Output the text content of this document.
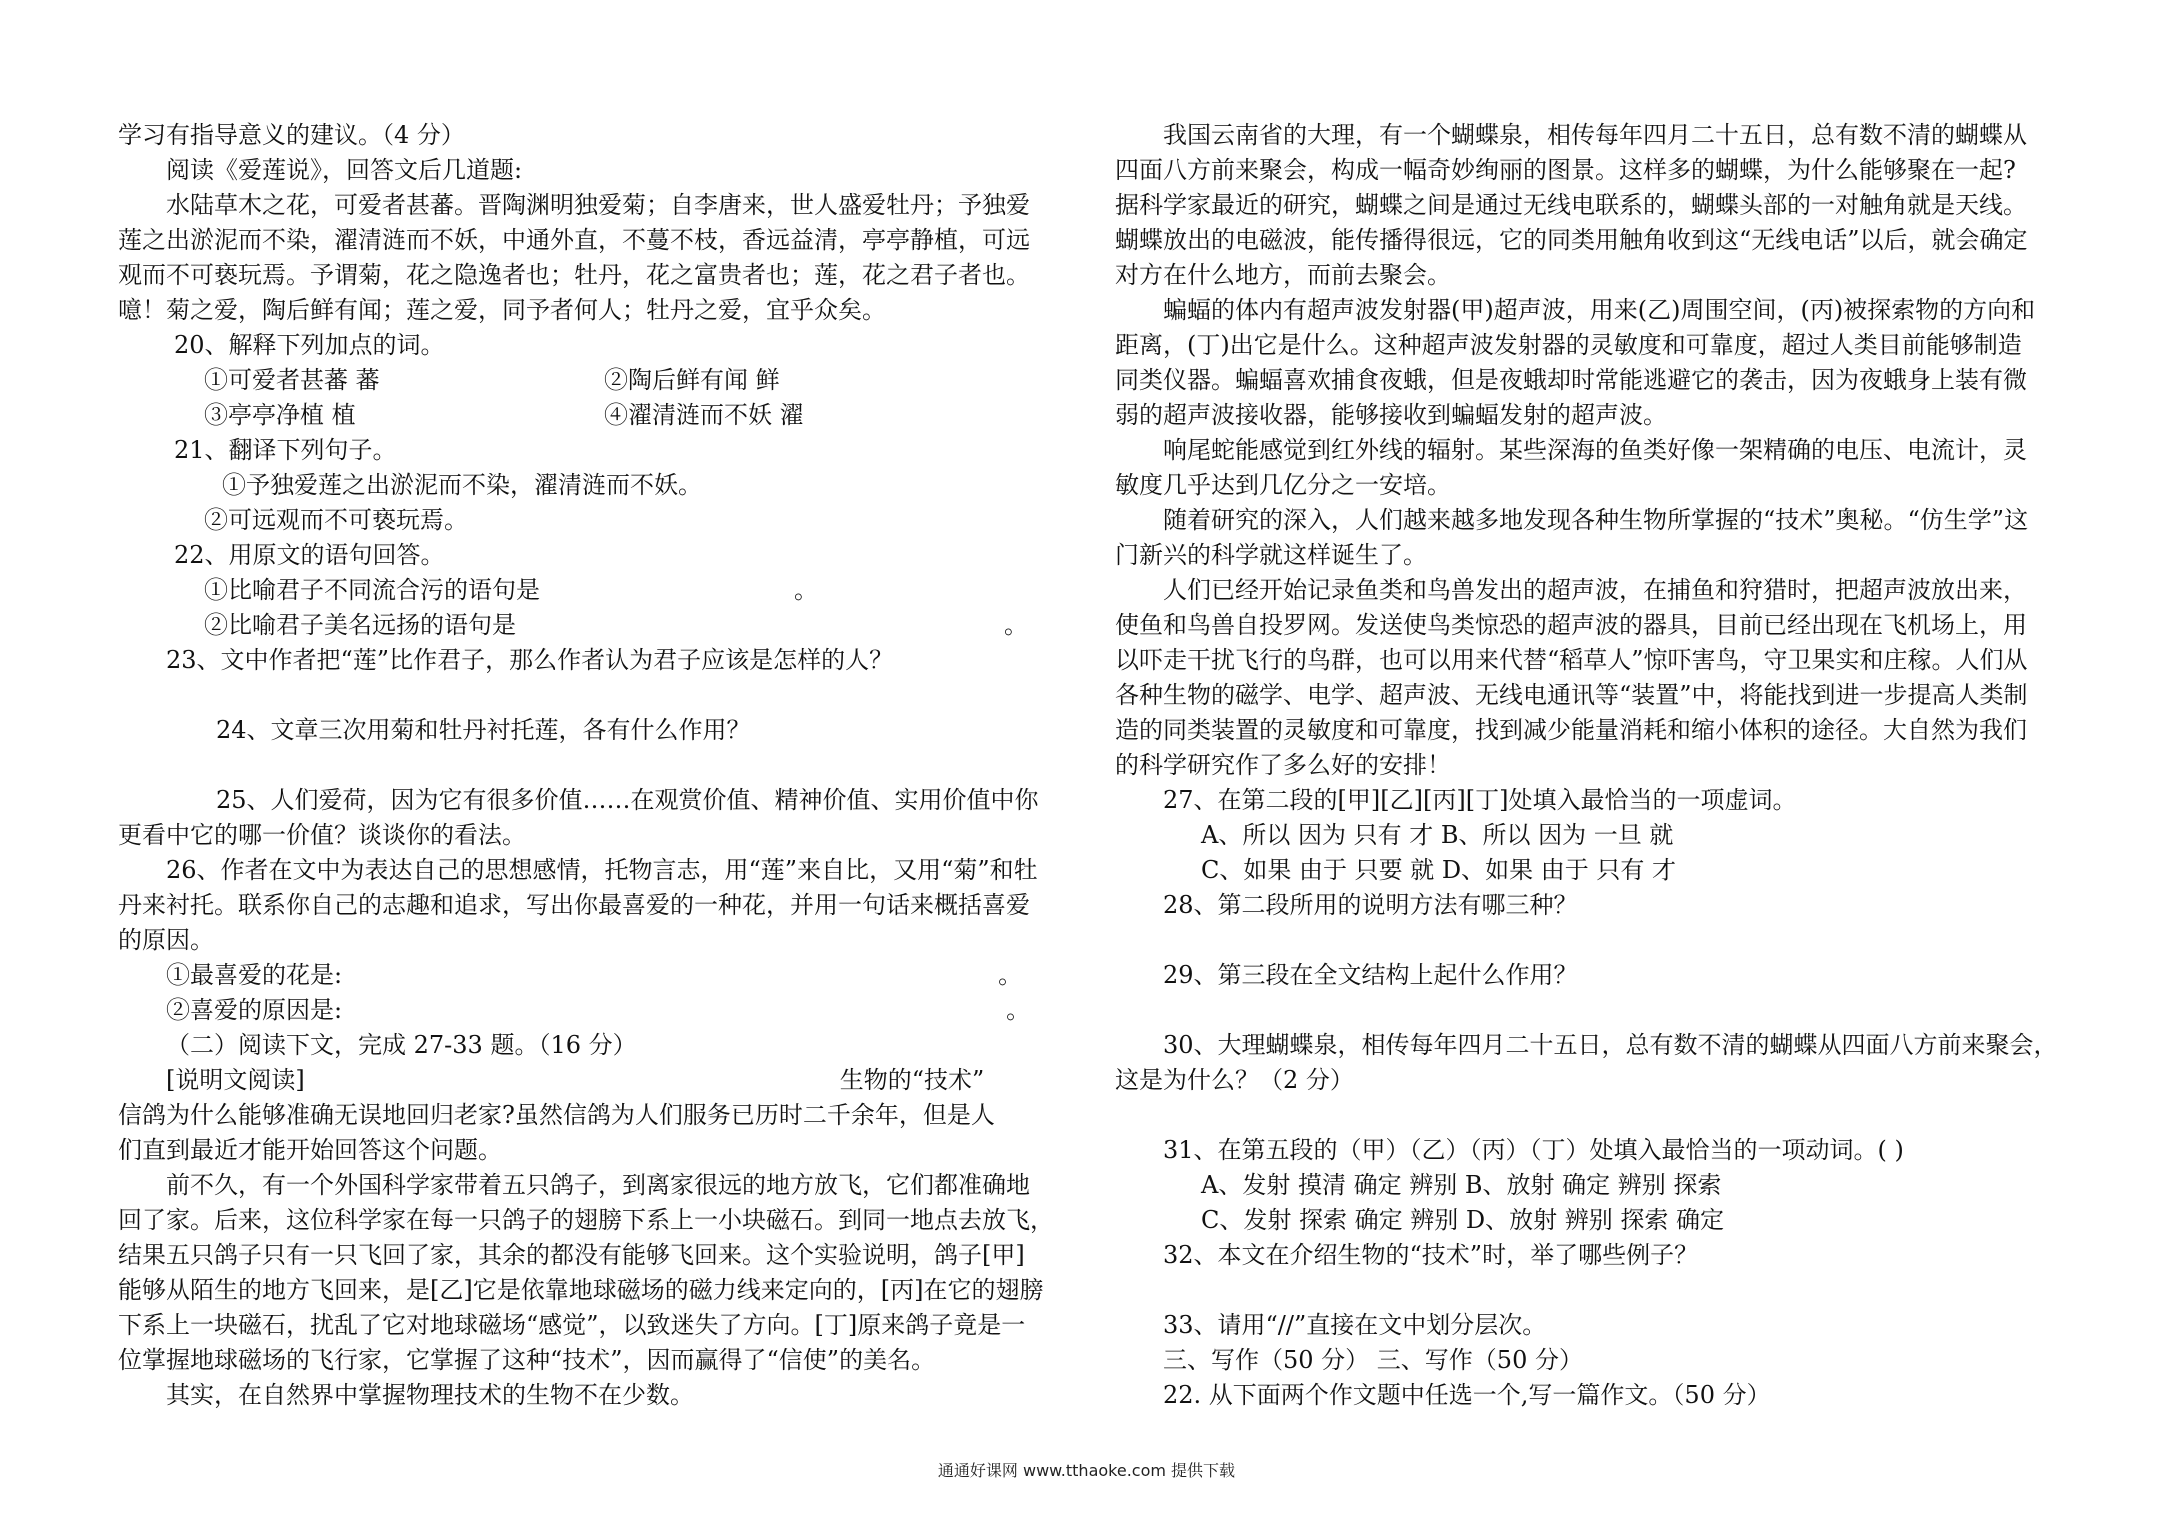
学习有指导意义的建议。（4 分）
阅读《爱莲说》，回答文后几道题:
水陆草木之花，可爱者甚蕃。晋陶渊明独爱菊；自李唐来，世人盛爱牡丹；予独爱
莲之出淤泥而不染，濯清涟而不妖，中通外直，不蔓不枝，香远益清，亭亭静植，可远
观而不可亵玩焉。予谓菊，花之隐逸者也；牡丹，花之富贵者也；莲，花之君子者也。
噫！菊之爱，陶后鲜有闻；莲之爱，同予者何人；牡丹之爱，宜乎众矣。
20、解释下列加点的词。
①可爱者甚蕃 蕃	②陶后鲜有闻 鲜
③亭亭净植 植	④濯清涟而不妖 濯
21、翻译下列句子。
①予独爱莲之出淤泥而不染，濯清涟而不妖。
②可远观而不可亵玩焉。
22、用原文的语句回答。
①比喻君子不同流合污的语句是	。
②比喻君子美名远扬的语句是	。
23、文中作者把“莲”比作君子，那么作者认为君子应该是怎样的人？
24、文章三次用菊和牡丹衬托莲，各有什么作用？
25、人们爱荷，因为它有很多价值……在观赏价值、精神价值、实用价值中你
更看中它的哪一价值？谈谈你的看法。
26、作者在文中为表达自己的思想感情，托物言志，用“莲”来自比，又用“菊”和牡
丹来衬托。联系你自己的志趣和追求，写出你最喜爱的一种花，并用一句话来概括喜爱
的原因。
①最喜爱的花是:	。
②喜爱的原因是:	。
（二）阅读下文，完成 27-33 题。（16 分）
[说明文阅读]	生物的“技术”
信鸽为什么能够准确无误地回归老家?虽然信鸽为人们服务已历时二千余年，但是人
们直到最近才能开始回答这个问题。
前不久，有一个外国科学家带着五只鸽子，到离家很远的地方放飞，它们都准确地
回了家。后来，这位科学家在每一只鸽子的翅膀下系上一小块磁石。到同一地点去放飞，
结果五只鸽子只有一只飞回了家，其余的都没有能够飞回来。这个实验说明，鸽子[甲]
能够从陌生的地方飞回来，是[乙]它是依靠地球磁场的磁力线来定向的，[丙]在它的翅膀
下系上一块磁石，扰乱了它对地球磁场“感觉”，以致迷失了方向。[丁]原来鸽子竟是一
位掌握地球磁场的飞行家，它掌握了这种“技术”，因而赢得了“信使”的美名。
其实，在自然界中掌握物理技术的生物不在少数。
我国云南省的大理，有一个蝴蝶泉，相传每年四月二十五日，总有数不清的蝴蝶从
四面八方前来聚会，构成一幅奇妙绚丽的图景。这样多的蝴蝶，为什么能够聚在一起?
据科学家最近的研究，蝴蝶之间是通过无线电联系的，蝴蝶头部的一对触角就是天线。
蝴蝶放出的电磁波，能传播得很远，它的同类用触角收到这“无线电话”以后，就会确定
对方在什么地方，而前去聚会。
蝙蝠的体内有超声波发射器(甲)超声波，用来(乙)周围空间，(丙)被探索物的方向和
距离，(丁)出它是什么。这种超声波发射器的灵敏度和可靠度，超过人类目前能够制造
同类仪器。蝙蝠喜欢捕食夜蛾，但是夜蛾却时常能逃避它的袭击，因为夜蛾身上装有微
弱的超声波接收器，能够接收到蝙蝠发射的超声波。
响尾蛇能感觉到红外线的辐射。某些深海的鱼类好像一架精确的电压、电流计，灵
敏度几乎达到几亿分之一安培。
随着研究的深入，人们越来越多地发现各种生物所掌握的“技术”奥秘。“仿生学”这
门新兴的科学就这样诞生了。
人们已经开始记录鱼类和鸟兽发出的超声波，在捕鱼和狩猎时，把超声波放出来，
使鱼和鸟兽自投罗网。发送使鸟类惊恐的超声波的器具，目前已经出现在飞机场上，用
以吓走干扰飞行的鸟群，也可以用来代替“稻草人”惊吓害鸟，守卫果实和庄稼。人们从
各种生物的磁学、电学、超声波、无线电通讯等“装置”中，将能找到进一步提高人类制
造的同类装置的灵敏度和可靠度，找到减少能量消耗和缩小体积的途径。大自然为我们
的科学研究作了多么好的安排！
27、在第二段的[甲][乙][丙][丁]处填入最恰当的一项虚词。
A、所以 因为 只有 才 B、所以 因为 一旦 就
C、如果 由于 只要 就 D、如果 由于 只有 才
28、第二段所用的说明方法有哪三种？
29、第三段在全文结构上起什么作用？
30、大理蝴蝶泉，相传每年四月二十五日，总有数不清的蝴蝶从四面八方前来聚会，
这是为什么？（2 分）
31、在第五段的（甲）（乙）（丙）（丁）处填入最恰当的一项动词。( )
A、发射 摸清 确定 辨别 B、放射 确定 辨别 探索
C、发射 探索 确定 辨别 D、放射 辨别 探索 确定
32、本文在介绍生物的“技术”时，举了哪些例子？
33、请用“//”直接在文中划分层次。
三、写作（50 分） 三、写作（50 分）
22. 从下面两个作文题中任选一个,写一篇作文。（50 分）
通通好课网 www.tthaoke.com 提供下载
